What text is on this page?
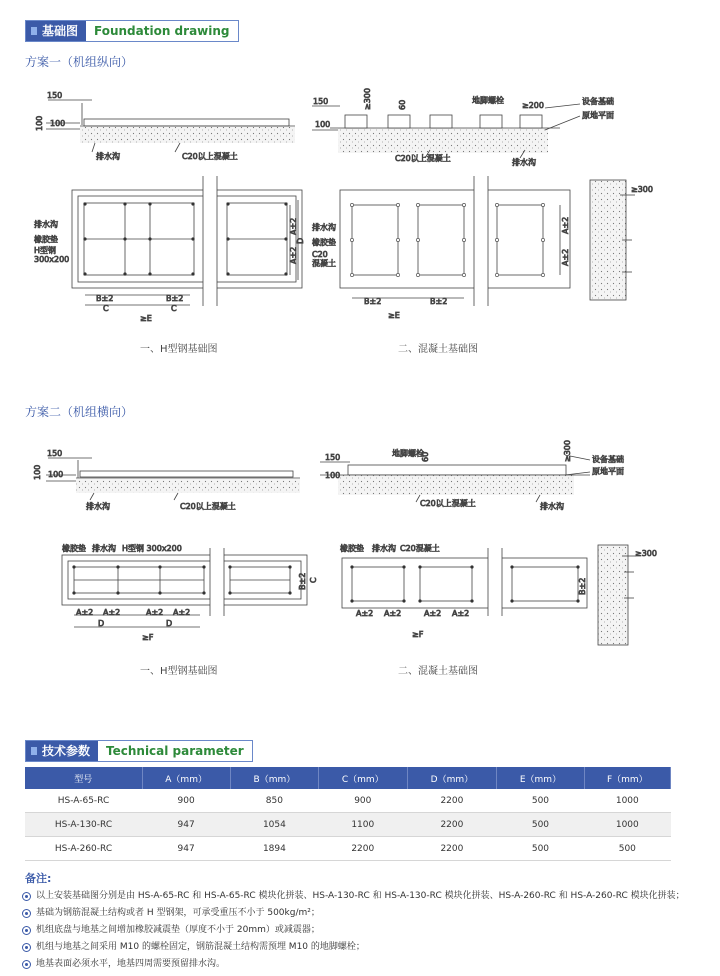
基础图	Foundation drawing
方案一（机组纵向）
方案二（机组横向）
150
100 100
排水沟	C20以上混凝土
150	≥300	60	地脚螺栓
≥200	设备基础
原地平面
100
C20以上混凝土	排水沟
排水沟
橡胶垫
H型钢
300x200
B±2	B±2
C	C
≥E
A±2
A±2
D
排水沟
橡胶垫
C20
混凝土
B±2	B±2
≥E
A±2
A±2
≥300
150
100 100
排水沟	C20以上混凝土
150
100
地脚螺栓
60	≥300	设备基础
原地平面
C20以上混凝土	排水沟
橡胶垫 排水沟 H型钢 300x200
A±2 A±2	A±2 A±2
D	D
≥F
B±2 C
橡胶垫 排水沟 C20混凝土
A±2 A±2	A±2 A±2
≥F
B±2
≥300
一、H型钢基础图	二、混凝土基础图
一、H型钢基础图	二、混凝土基础图
技术参数	Technical parameter
型号	A（mm）	B（mm）	C（mm）	D（mm）	E（mm）	F（mm）
HS-A-65-RC	900	850	900	2200	500	1000
HS-A-130-RC	947	1054	1100	2200	500	1000
HS-A-260-RC	947	1894	2200	2200	500	500
备注:
以上安装基础图分别是由 HS-A-65-RC 和 HS-A-65-RC 模块化拼装、HS-A-130-RC 和 HS-A-130-RC 模块化拼装、HS-A-260-RC 和 HS-A-260-RC 模块化拼装；
基础为钢筋混凝土结构或者 H 型钢架，可承受重压不小于 500kg/m²；
机组底盘与地基之间增加橡胶减震垫（厚度不小于 20mm）或减震器；
机组与地基之间采用 M10 的螺栓固定，钢筋混凝土结构需预埋 M10 的地脚螺栓；
地基表面必须水平，地基四周需要预留排水沟。
